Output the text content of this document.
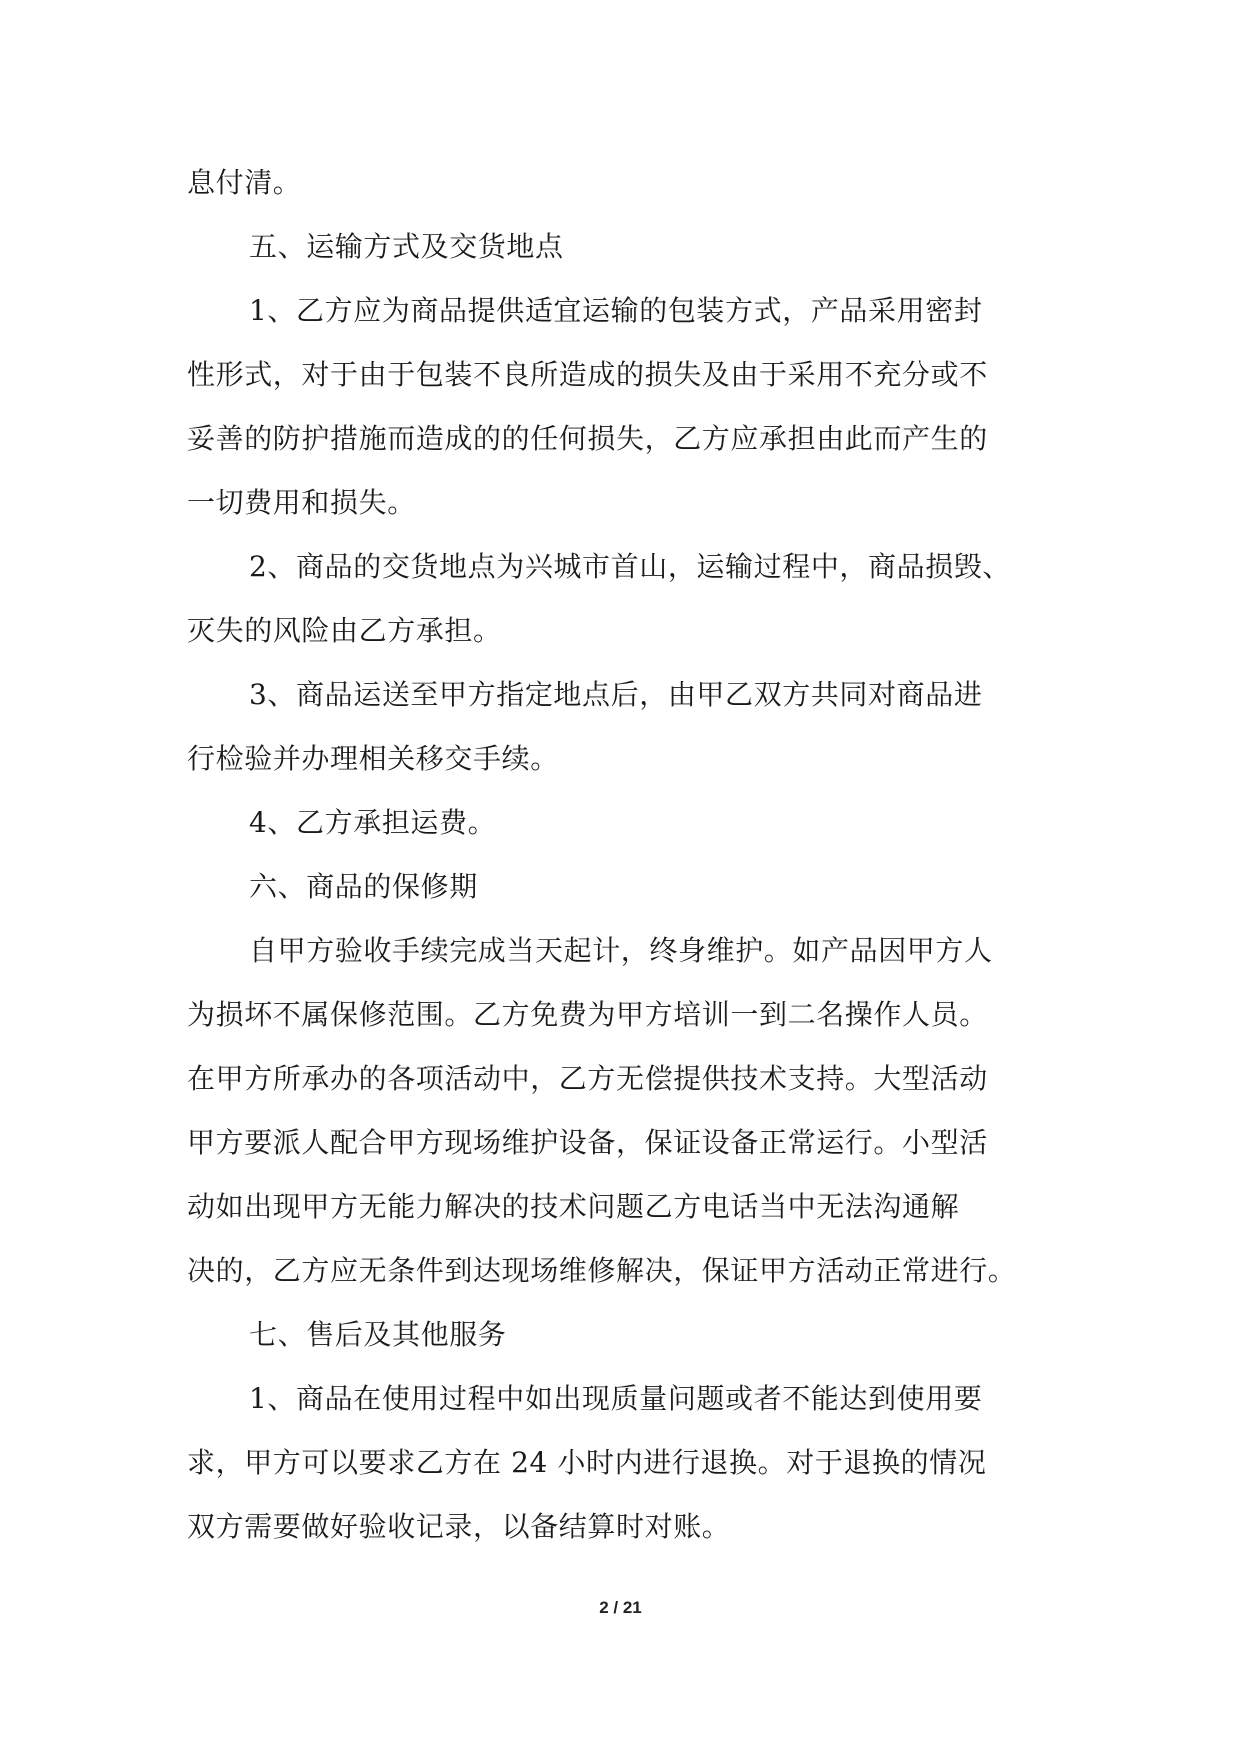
息付清。
五、运输方式及交货地点
1、乙方应为商品提供适宜运输的包装方式，产品采用密封
性形式，对于由于包装不良所造成的损失及由于采用不充分或不
妥善的防护措施而造成的的任何损失，乙方应承担由此而产生的
一切费用和损失。
2、商品的交货地点为兴城市首山，运输过程中，商品损毁、
灭失的风险由乙方承担。
3、商品运送至甲方指定地点后，由甲乙双方共同对商品进
行检验并办理相关移交手续。
4、乙方承担运费。
六、商品的保修期
自甲方验收手续完成当天起计，终身维护。如产品因甲方人
为损坏不属保修范围。乙方免费为甲方培训一到二名操作人员。
在甲方所承办的各项活动中，乙方无偿提供技术支持。大型活动
甲方要派人配合甲方现场维护设备，保证设备正常运行。小型活
动如出现甲方无能力解决的技术问题乙方电话当中无法沟通解
决的，乙方应无条件到达现场维修解决，保证甲方活动正常进行。
七、售后及其他服务
1、商品在使用过程中如出现质量问题或者不能达到使用要
求，甲方可以要求乙方在 24 小时内进行退换。对于退换的情况
双方需要做好验收记录，以备结算时对账。
2 / 21
